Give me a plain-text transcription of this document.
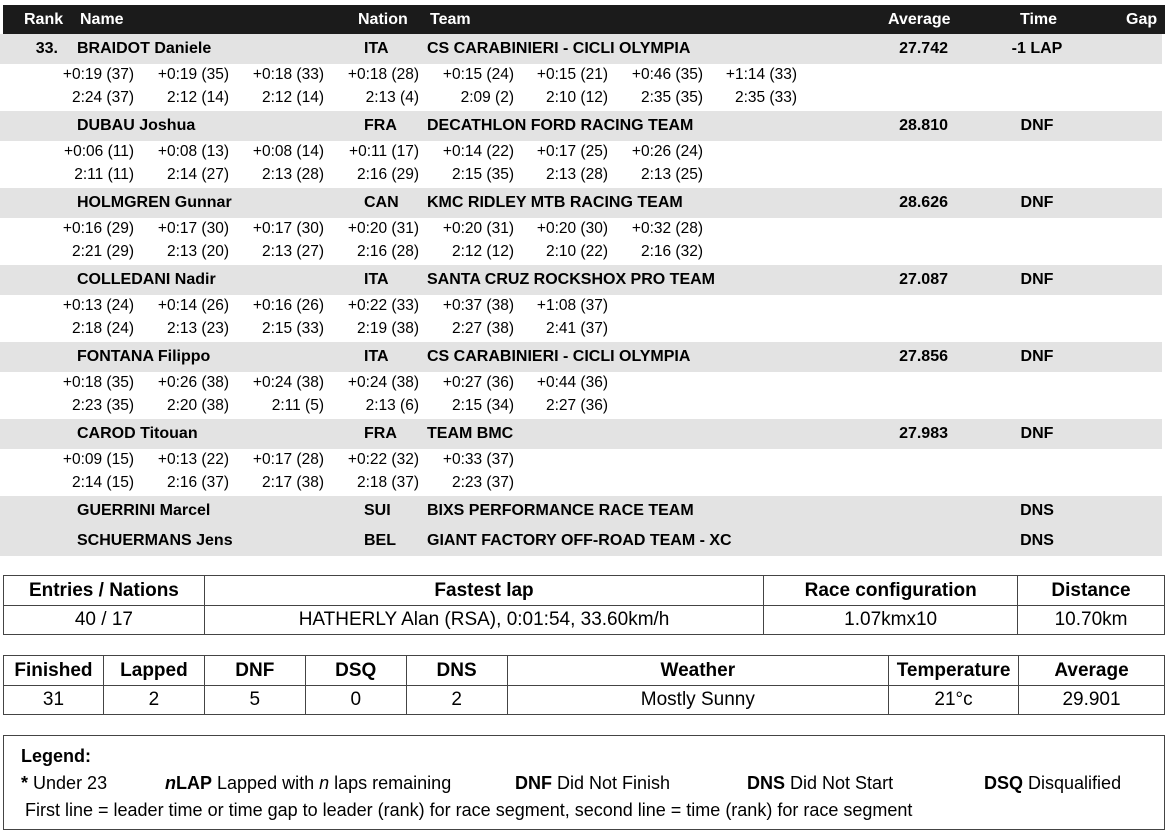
Rank Name	Nation Team	Average	Time	Gap
33. BRAIDOT Daniele	ITA CS CARABINIERI - CICLI OLYMPIA	27.742	-1 LAP
+0:19 (37) +0:19 (35) +0:18 (33) +0:18 (28) +0:15 (24) +0:15 (21) +0:46 (35) +1:14 (33)
2:24 (37) 2:12 (14) 2:12 (14)	2:13 (4)	2:09 (2) 2:10 (12) 2:35 (35) 2:35 (33)
DUBAU Joshua	FRA DECATHLON FORD RACING TEAM	28.810	DNF
+0:06 (11) +0:08 (13) +0:08 (14) +0:11 (17) +0:14 (22) +0:17 (25) +0:26 (24)
2:11 (11) 2:14 (27) 2:13 (28) 2:16 (29) 2:15 (35) 2:13 (28) 2:13 (25)
HOLMGREN Gunnar	CAN KMC RIDLEY MTB RACING TEAM	28.626	DNF
+0:16 (29) +0:17 (30) +0:17 (30) +0:20 (31) +0:20 (31) +0:20 (30) +0:32 (28)
2:21 (29) 2:13 (20) 2:13 (27) 2:16 (28) 2:12 (12) 2:10 (22) 2:16 (32)
COLLEDANI Nadir	ITA SANTA CRUZ ROCKSHOX PRO TEAM	27.087	DNF
+0:13 (24) +0:14 (26) +0:16 (26) +0:22 (33) +0:37 (38) +1:08 (37)
2:18 (24) 2:13 (23) 2:15 (33) 2:19 (38) 2:27 (38) 2:41 (37)
FONTANA Filippo	ITA CS CARABINIERI - CICLI OLYMPIA	27.856	DNF
+0:18 (35) +0:26 (38) +0:24 (38) +0:24 (38) +0:27 (36) +0:44 (36)
2:23 (35) 2:20 (38)	2:11 (5)	2:13 (6) 2:15 (34) 2:27 (36)
CAROD Titouan	FRA TEAM BMC	27.983	DNF
+0:09 (15) +0:13 (22) +0:17 (28) +0:22 (32) +0:33 (37)
2:14 (15) 2:16 (37) 2:17 (38) 2:18 (37) 2:23 (37)
GUERRINI Marcel	SUI BIXS PERFORMANCE RACE TEAM	DNS
SCHUERMANS Jens	BEL GIANT FACTORY OFF-ROAD TEAM - XC	DNS
Entries / Nations	Fastest lap	Race configuration	Distance
40 / 17	HATHERLY Alan (RSA), 0:01:54, 33.60km/h	1.07kmx10	10.70km
Finished	Lapped	DNF	DSQ	DNS	Weather	Temperature	Average
31	2	5	0	2	Mostly Sunny	21°c	29.901
Legend:
* Under 23	nLAP Lapped with n laps remaining	DNF Did Not Finish	DNS Did Not Start	DSQ Disqualified
First line = leader time or time gap to leader (rank) for race segment, second line = time (rank) for race segment
